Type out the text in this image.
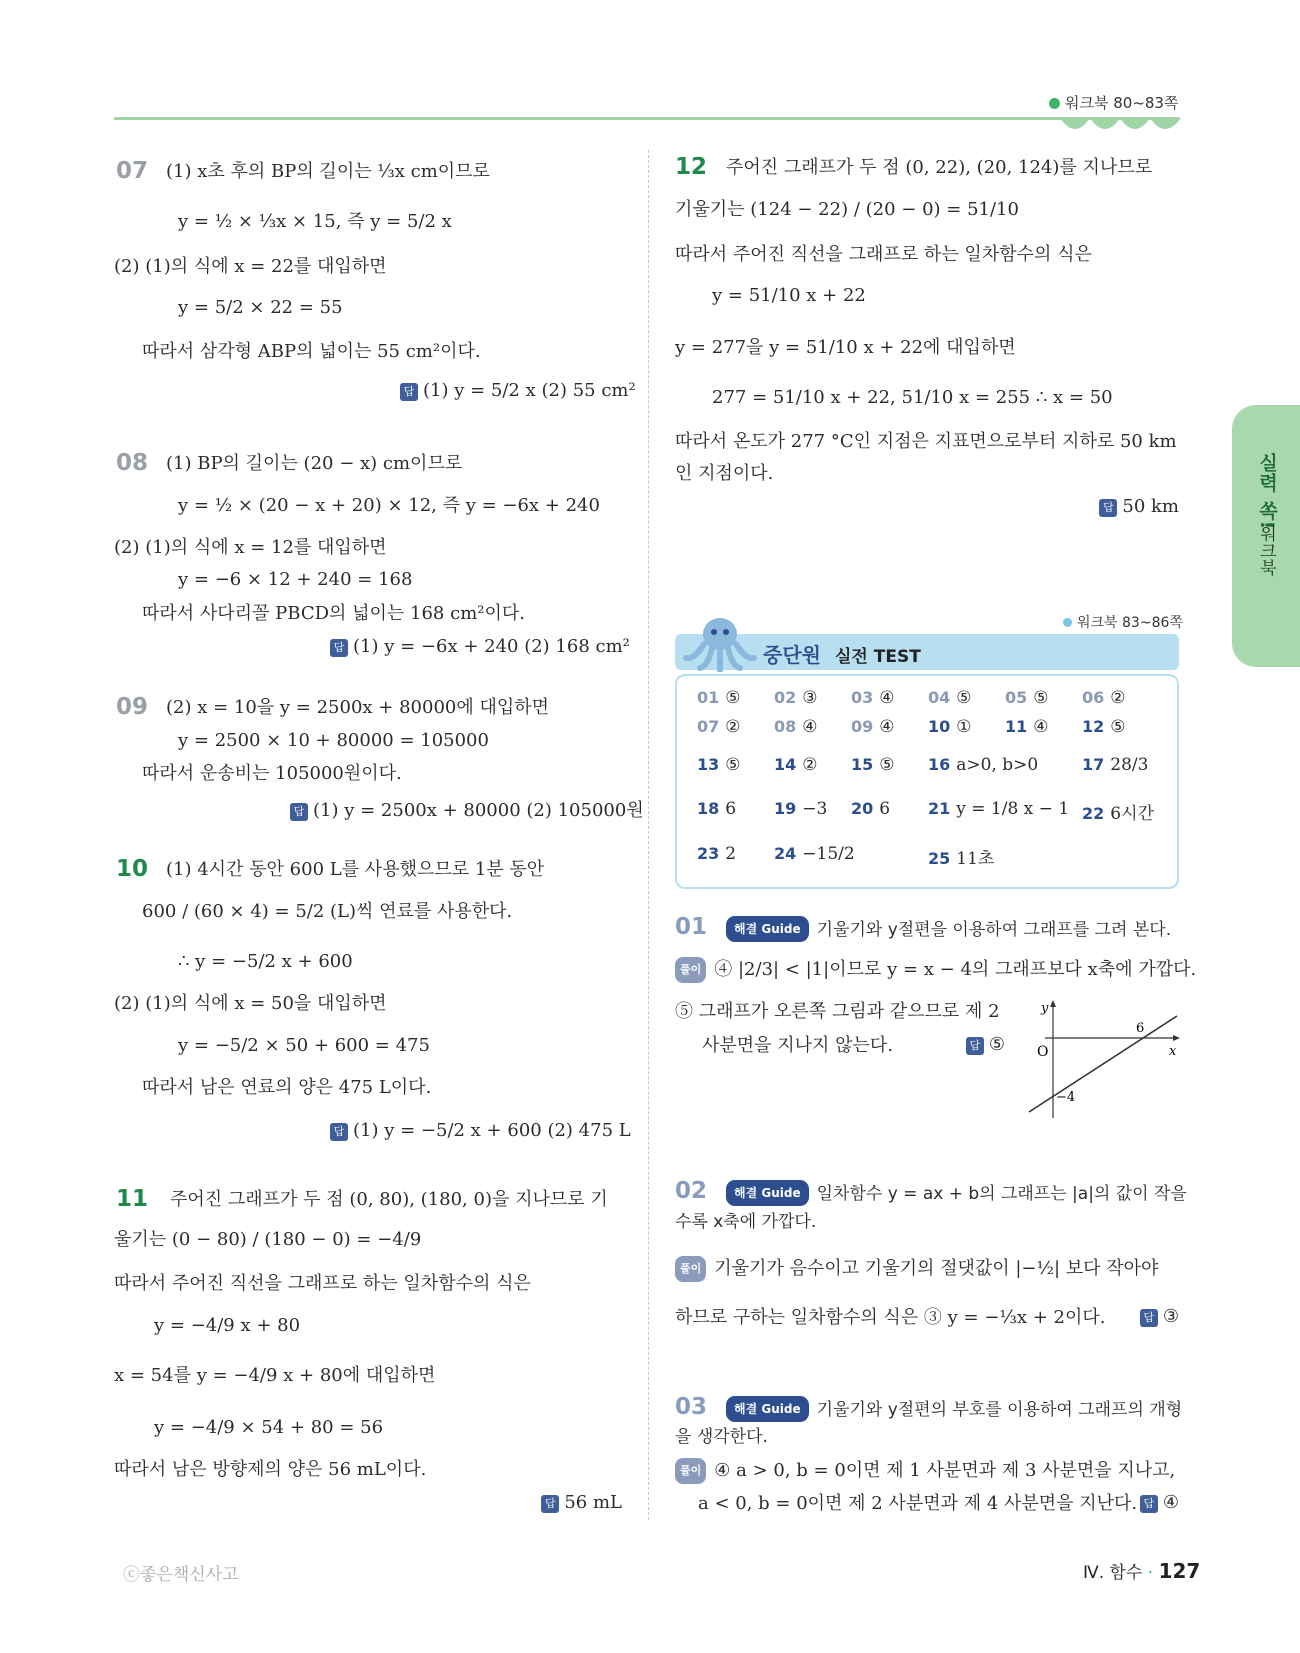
워크북 80~83쪽
실력 쏙!
워크북
07 (1) x초 후의 BP의 길이는 ⅓x cm이므로
y = ½ × ⅓x × 15, 즉 y = 5/2 x
(2) (1)의 식에 x = 22를 대입하면
y = 5/2 × 22 = 55
따라서 삼각형 ABP의 넓이는 55 cm²이다.
답 (1) y = 5/2 x (2) 55 cm²
08 (1) BP의 길이는 (20 − x) cm이므로
y = ½ × (20 − x + 20) × 12, 즉 y = −6x + 240
(2) (1)의 식에 x = 12를 대입하면
y = −6 × 12 + 240 = 168
따라서 사다리꼴 PBCD의 넓이는 168 cm²이다.
답 (1) y = −6x + 240 (2) 168 cm²
09 (2) x = 10을 y = 2500x + 80000에 대입하면
y = 2500 × 10 + 80000 = 105000
따라서 운송비는 105000원이다.
답 (1) y = 2500x + 80000 (2) 105000원
10 (1) 4시간 동안 600 L를 사용했으므로 1분 동안
600 / (60 × 4) = 5/2 (L)씩 연료를 사용한다.
∴ y = −5/2 x + 600
(2) (1)의 식에 x = 50을 대입하면
y = −5/2 × 50 + 600 = 475
따라서 남은 연료의 양은 475 L이다.
답 (1) y = −5/2 x + 600 (2) 475 L
11 주어진 그래프가 두 점 (0, 80), (180, 0)을 지나므로 기
울기는 (0 − 80) / (180 − 0) = −4/9
따라서 주어진 직선을 그래프로 하는 일차함수의 식은
y = −4/9 x + 80
x = 54를 y = −4/9 x + 80에 대입하면
y = −4/9 × 54 + 80 = 56
따라서 남은 방향제의 양은 56 mL이다.
답 56 mL
12 주어진 그래프가 두 점 (0, 22), (20, 124)를 지나므로
기울기는 (124 − 22) / (20 − 0) = 51/10
따라서 주어진 직선을 그래프로 하는 일차함수의 식은
y = 51/10 x + 22
y = 277을 y = 51/10 x + 22에 대입하면
277 = 51/10 x + 22, 51/10 x = 255 ∴ x = 50
따라서 온도가 277 °C인 지점은 지표면으로부터 지하로 50 km
인 지점이다.
답 50 km
워크북 83~86쪽
중단원 실전 TEST
01 ⑤ 02 ③ 03 ④ 04 ⑤ 05 ⑤ 06 ②
07 ② 08 ④ 09 ④ 10 ① 11 ④ 12 ⑤
13 ⑤ 14 ② 15 ⑤ 16 a>0, b>0	17 28/3
18 6 19 −3 20 6 21 y = 1/8 x − 1 22 6시간
23 2 24 −15/2	25 11초
01	해결 Guide 기울기와 y절편을 이용하여 그래프를 그려 본다.
풀이 ④ |2/3| < |1|이므로 y = x − 4의 그래프보다 x축에 가깝다.
⑤ 그래프가 오른쪽 그림과 같으므로 제 2
사분면을 지나지 않는다.	답 ⑤
y
x
O
6
−4
02	해결 Guide 일차함수 y = ax + b의 그래프는 |a|의 값이 작을
수록 x축에 가깝다.
풀이 기울기가 음수이고 기울기의 절댓값이 |−½| 보다 작아야
하므로 구하는 일차함수의 식은 ③ y = −⅓x + 2이다.	답 ③
03	해결 Guide 기울기와 y절편의 부호를 이용하여 그래프의 개형
을 생각한다.
풀이 ④ a > 0, b = 0이면 제 1 사분면과 제 3 사분면을 지나고,
a < 0, b = 0이면 제 2 사분면과 제 4 사분면을 지난다. 답 ④
ⓒ좋은책신사고	Ⅳ. 함수 · 127
